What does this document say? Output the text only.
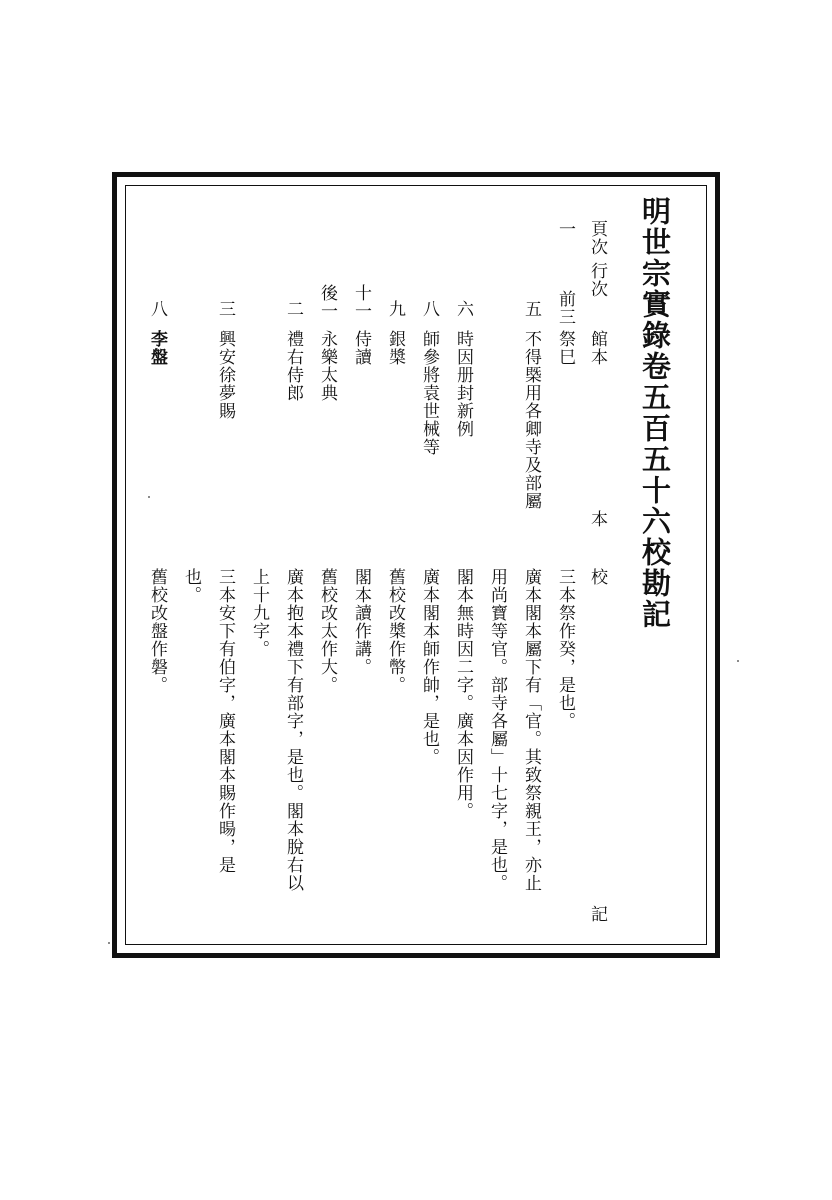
明世宗實錄卷五百五十六校勘記
頁次
行次
館本
校
記
本
一
前三
祭巳
三本祭作癸，是也。
五
不得槩用各卿寺及部屬
廣本閣本屬下有「官。其致祭親王，亦止
用尚寶等官。部寺各屬」十七字，是也。
六
時因册封新例
閣本無時因二字。廣本因作用。
八
師參將袁世械等
廣本閣本師作帥，是也。
九
銀槳
舊校改槳作幣。
十一
侍讀
閣本讀作講。
後一
永樂太典
舊校改太作大。
二
禮右侍郎
廣本抱本禮下有部字，是也。閣本脫右以
上十九字。
三
興安徐夢賜
三本安下有伯字，廣本閣本賜作暘，是
也。
八
李盤
舊校改盤作磐。
